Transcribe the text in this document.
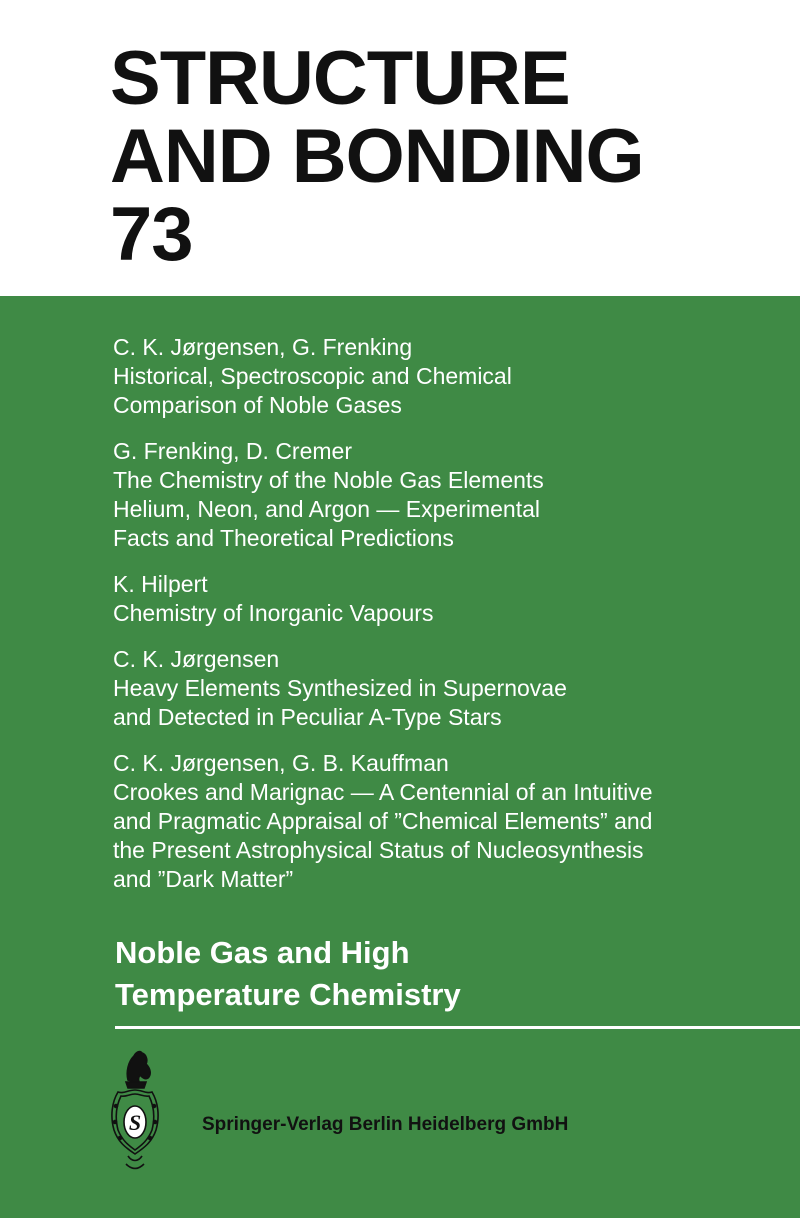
STRUCTURE
AND BONDING
73
C. K. Jørgensen, G. Frenking
Historical, Spectroscopic and Chemical
Comparison of Noble Gases
G. Frenking, D. Cremer
The Chemistry of the Noble Gas Elements
Helium, Neon, and Argon — Experimental
Facts and Theoretical Predictions
K. Hilpert
Chemistry of Inorganic Vapours
C. K. Jørgensen
Heavy Elements Synthesized in Supernovae
and Detected in Peculiar A-Type Stars
C. K. Jørgensen, G. B. Kauffman
Crookes and Marignac — A Centennial of an Intuitive
and Pragmatic Appraisal of ”Chemical Elements” and
the Present Astrophysical Status of Nucleosynthesis
and ”Dark Matter”
Noble Gas and High
Temperature Chemistry
S	Springer-Verlag Berlin Heidelberg GmbH
